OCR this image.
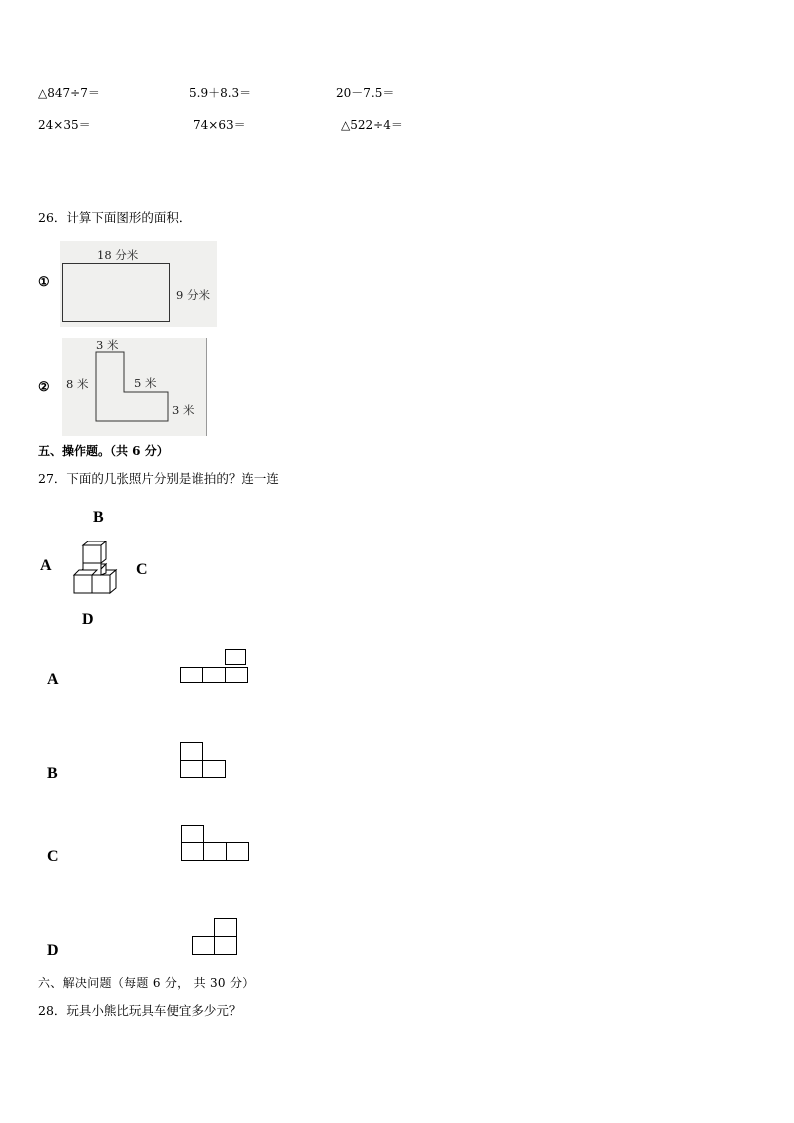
△847÷7＝	5.9＋8.3＝	20－7.5＝
24×35＝	74×63＝	△522÷4＝
26．计算下面图形的面积．
①
18 分米
9 分米
②
3 米
8 米	5 米
3 米
五、操作题。（共 6 分）
27．下面的几张照片分别是谁拍的？连一连
B
A	C
D
A
B
C
D
六、解决问题（每题 6 分， 共 30 分）
28．玩具小熊比玩具车便宜多少元？
